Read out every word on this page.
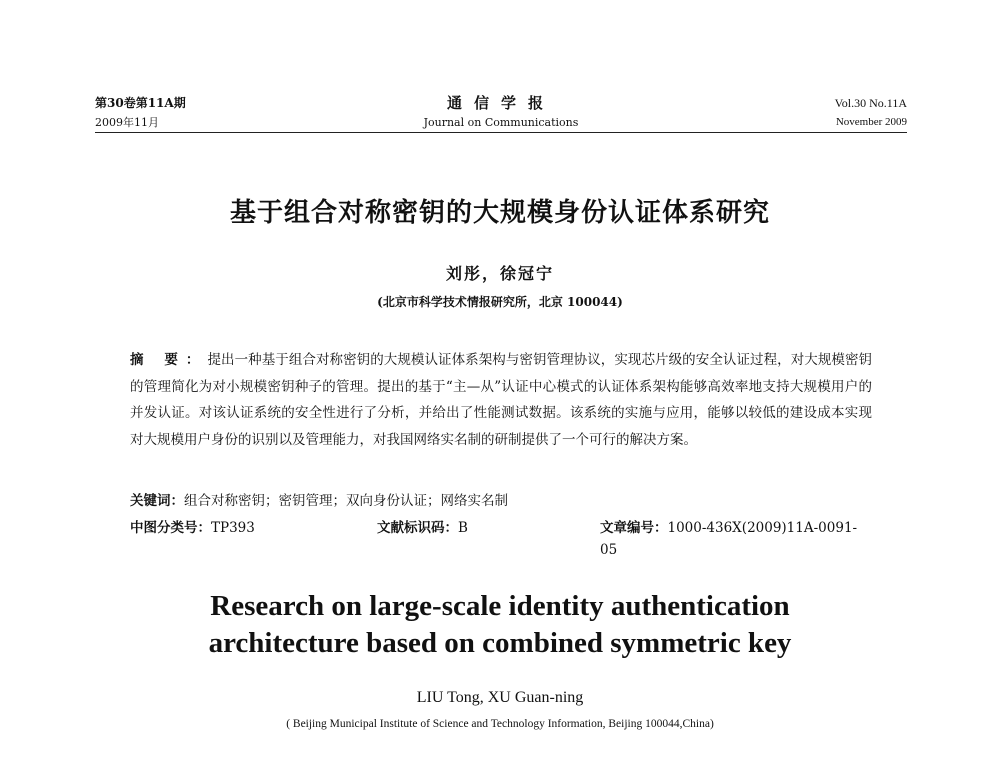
第30卷第11A期
2009年11月
通信学报
Journal on Communications
Vol.30 No.11A
November 2009
基于组合对称密钥的大规模身份认证体系研究
刘彤，徐冠宁
(北京市科学技术情报研究所，北京 100044)
摘 要：提出一种基于组合对称密钥的大规模认证体系架构与密钥管理协议，实现芯片级的安全认证过程，对大规模密钥的管理简化为对小规模密钥种子的管理。提出的基于“主—从”认证中心模式的认证体系架构能够高效率地支持大规模用户的并发认证。对该认证系统的安全性进行了分析，并给出了性能测试数据。该系统的实施与应用，能够以较低的建设成本实现对大规模用户身份的识别以及管理能力，对我国网络实名制的研制提供了一个可行的解决方案。
关键词：组合对称密钥；密钥管理；双向身份认证；网络实名制
中图分类号：TP393	文献标识码：B	文章编号：1000-436X(2009)11A-0091-05
Research on large-scale identity authentication
architecture based on combined symmetric key
LIU Tong, XU Guan-ning
( Beijing Municipal Institute of Science and Technology Information, Beijing 100044,China)
